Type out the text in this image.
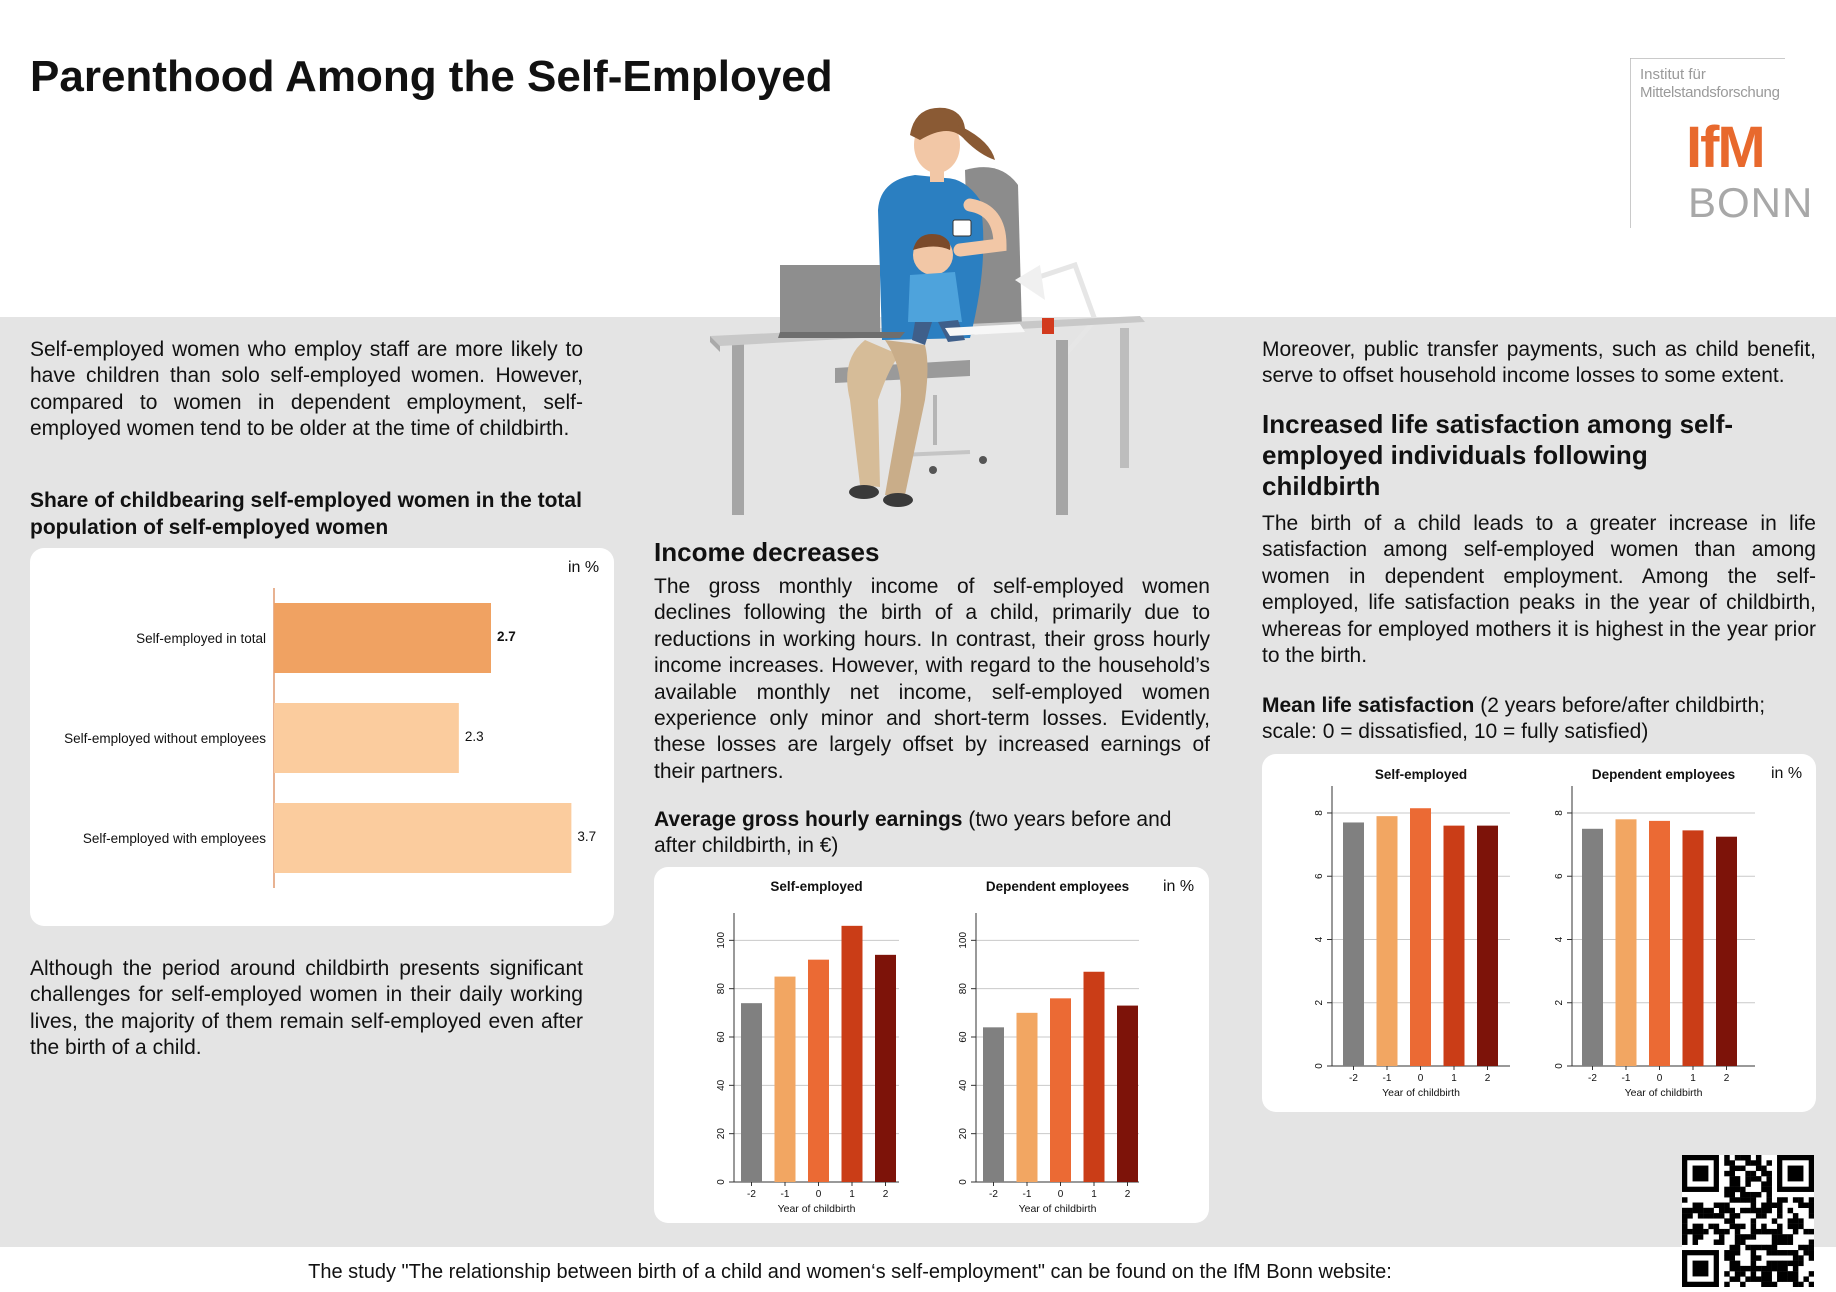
Parenthood Among the Self-Employed	Institut für
Mittelstandsforschung
IfM
BONN

Self-employed women who employ staff are more likely to have children than solo self-employed women. However, compared to women in dependent employment, self-employed women tend to be older at the time of childbirth.

Share of childbearing self-employed women in the total population of self-employed women
in %
Self-employed in total	2.7
Self-employed without employees	2.3
Self-employed with employees	3.7

Although the period around childbirth presents significant challenges for self-employed women in their daily working lives, the majority of them remain self-employed even after the birth of a child.

Income decreases

The gross monthly income of self-employed women declines following the birth of a child, primarily due to reductions in working hours. In contrast, their gross hourly income increases. However, with regard to the household’s available monthly net income, self-employed women experience only minor and short-term losses. Evidently, these losses are largely offset by increased earnings of their partners.

Average gross hourly earnings (two years before and after childbirth, in €)
in %
Self-employed
0
20
40
60
80
100
-2 -1	0	1	2
Year of childbirth
Dependent employees
0
20
40
60
80
100
-2 -1	0	1	2
Year of childbirth

Moreover, public transfer payments, such as child benefit, serve to offset household income losses to some extent.

Increased life satisfaction among self-employed individuals following childbirth

The birth of a child leads to a greater increase in life satisfaction among self-employed women than among women in dependent employment. Among the self-employed, life satisfaction peaks in the year of childbirth, whereas for employed mothers it is highest in the year prior to the birth.

Mean life satisfaction (2 years before/after childbirth; scale: 0 = dissatisfied, 10 = fully satisfied)
in %
Self-employed
0
2
4
6
8
-2 -1	0	1	2
Year of childbirth
Dependent employees
0
2
4
6
8
-2 -1	0	1	2
Year of childbirth
The study "The relationship between birth of a child and women‘s self-employment" can be found on the IfM Bonn website:
